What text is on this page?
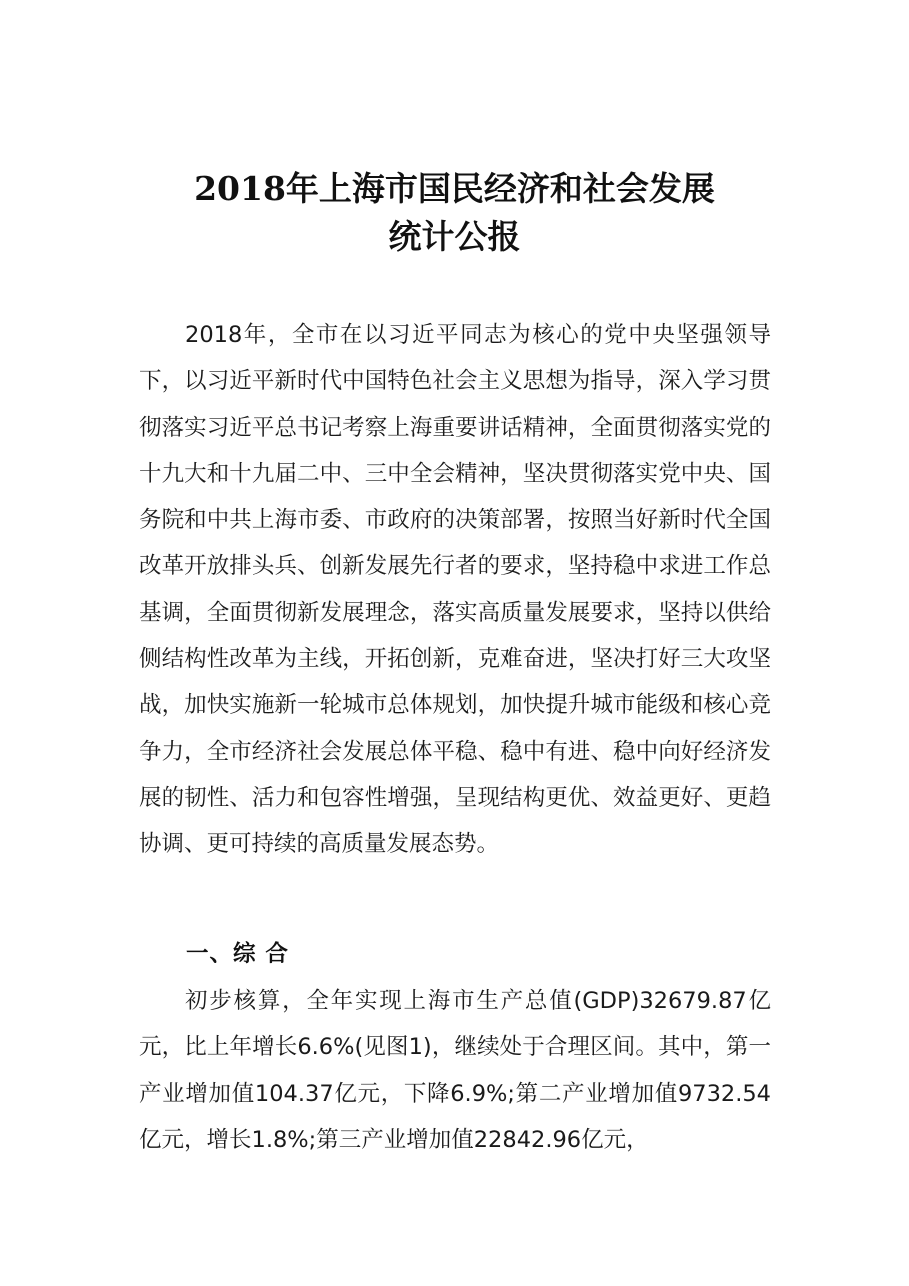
2018年上海市国民经济和社会发展
统计公报

2018年，全市在以习近平同志为核心的党中央坚强领导下，以习近平新时代中国特色社会主义思想为指导，深入学习贯彻落实习近平总书记考察上海重要讲话精神，全面贯彻落实党的十九大和十九届二中、三中全会精神，坚决贯彻落实党中央、国务院和中共上海市委、市政府的决策部署，按照当好新时代全国改革开放排头兵、创新发展先行者的要求，坚持稳中求进工作总基调，全面贯彻新发展理念，落实高质量发展要求，坚持以供给侧结构性改革为主线，开拓创新，克难奋进，坚决打好三大攻坚战，加快实施新一轮城市总体规划，加快提升城市能级和核心竞争力，全市经济社会发展总体平稳、稳中有进、稳中向好经济发展的韧性、活力和包容性增强，呈现结构更优、效益更好、更趋协调、更可持续的高质量发展态势。

一、综 合

初步核算，全年实现上海市生产总值(GDP)32679.87亿元，比上年增长6.6%(见图1)，继续处于合理区间。其中，第一产业增加值104.37亿元，下降6.9%;第二产业增加值9732.54亿元，增长1.8%;第三产业增加值22842.96亿元，
